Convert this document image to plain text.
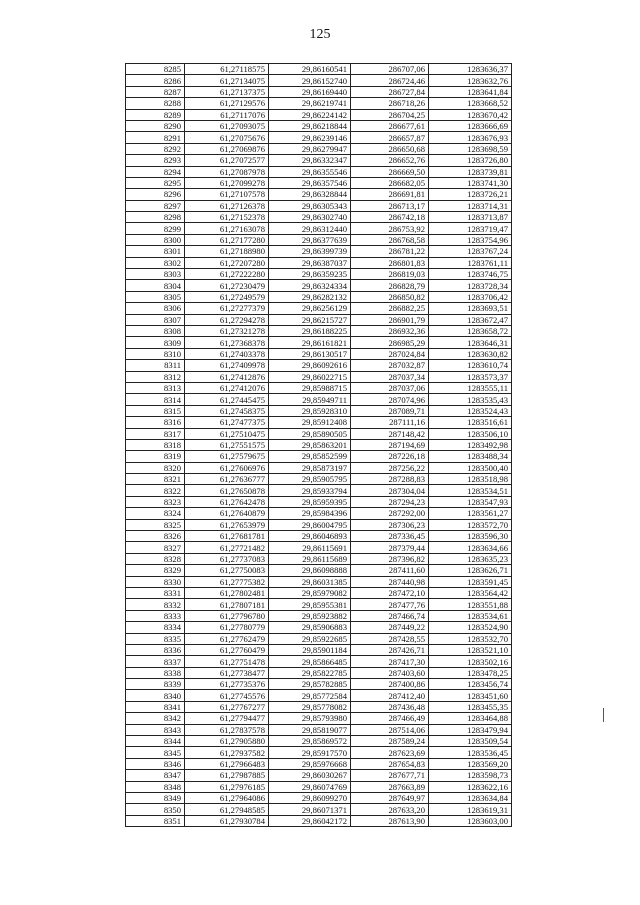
125
8285	61,27118575	29,86160541	286707,06	1283636,37
8286	61,27134075	29,86152740	286724,46	1283632,76
8287	61,27137375	29,86169440	286727,84	1283641,84
8288	61,27129576	29,86219741	286718,26	1283668,52
8289	61,27117076	29,86224142	286704,25	1283670,42
8290	61,27093075	29,86218844	286677,61	1283666,69
8291	61,27075676	29,86239146	286657,87	1283676,93
8292	61,27069876	29,86279947	286650,68	1283698,59
8293	61,27072577	29,86332347	286652,76	1283726,80
8294	61,27087978	29,86355546	286669,50	1283739,81
8295	61,27099278	29,86357546	286682,05	1283741,30
8296	61,27107578	29,86328844	286691,81	1283726,21
8297	61,27126378	29,86305343	286713,17	1283714,31
8298	61,27152378	29,86302740	286742,18	1283713,87
8299	61,27163078	29,86312440	286753,92	1283719,47
8300	61,27177280	29,86377639	286768,58	1283754,96
8301	61,27188980	29,86399739	286781,22	1283767,24
8302	61,27207280	29,86387037	286801,83	1283761,11
8303	61,27222280	29,86359235	286819,03	1283746,75
8304	61,27230479	29,86324334	286828,79	1283728,34
8305	61,27249579	29,86282132	286850,82	1283706,42
8306	61,27277379	29,86256129	286882,25	1283693,51
8307	61,27294278	29,86215727	286901,79	1283672,47
8308	61,27321278	29,86188225	286932,36	1283658,72
8309	61,27368378	29,86161821	286985,29	1283646,31
8310	61,27403378	29,86130517	287024,84	1283630,82
8311	61,27409978	29,86092616	287032,87	1283610,74
8312	61,27412876	29,86022715	287037,34	1283573,37
8313	61,27412076	29,85988715	287037,06	1283555,11
8314	61,27445475	29,85949711	287074,96	1283535,43
8315	61,27458375	29,85928310	287089,71	1283524,43
8316	61,27477375	29,85912408	287111,16	1283516,61
8317	61,27510475	29,85890505	287148,42	1283506,10
8318	61,27551575	29,85863201	287194,69	1283492,98
8319	61,27579675	29,85852599	287226,18	1283488,34
8320	61,27606976	29,85873197	287256,22	1283500,40
8321	61,27636777	29,85905795	287288,83	1283518,98
8322	61,27650878	29,85933794	287304,04	1283534,51
8323	61,27642478	29,85959395	287294,23	1283547,93
8324	61,27640879	29,85984396	287292,00	1283561,27
8325	61,27653979	29,86004795	287306,23	1283572,70
8326	61,27681781	29,86046893	287336,45	1283596,30
8327	61,27721482	29,86115691	287379,44	1283634,66
8328	61,27737083	29,86115689	287396,82	1283635,23
8329	61,27750083	29,86098888	287411,60	1283626,71
8330	61,27775382	29,86031385	287440,98	1283591,45
8331	61,27802481	29,85979082	287472,10	1283564,42
8332	61,27807181	29,85955381	287477,76	1283551,88
8333	61,27796780	29,85923882	287466,74	1283534,61
8334	61,27780779	29,85906883	287449,22	1283524,90
8335	61,27762479	29,85922685	287428,55	1283532,70
8336	61,27760479	29,85901184	287426,71	1283521,10
8337	61,27751478	29,85866485	287417,30	1283502,16
8338	61,27738477	29,85822785	287403,60	1283478,25
8339	61,27735376	29,85782885	287400,86	1283456,74
8340	61,27745576	29,85772584	287412,40	1283451,60
8341	61,27767277	29,85778082	287436,48	1283455,35
8342	61,27794477	29,85793980	287466,49	1283464,88
8343	61,27837578	29,85819077	287514,06	1283479,94
8344	61,27905880	29,85869572	287589,24	1283509,54
8345	61,27937582	29,85917570	287623,69	1283536,45
8346	61,27966483	29,85976668	287654,83	1283569,20
8347	61,27987885	29,86030267	287677,71	1283598,73
8348	61,27976185	29,86074769	287663,89	1283622,16
8349	61,27964086	29,86099270	287649,97	1283634,84
8350	61,27948585	29,86071371	287633,20	1283619,31
8351	61,27930784	29,86042172	287613,90	1283603,00
